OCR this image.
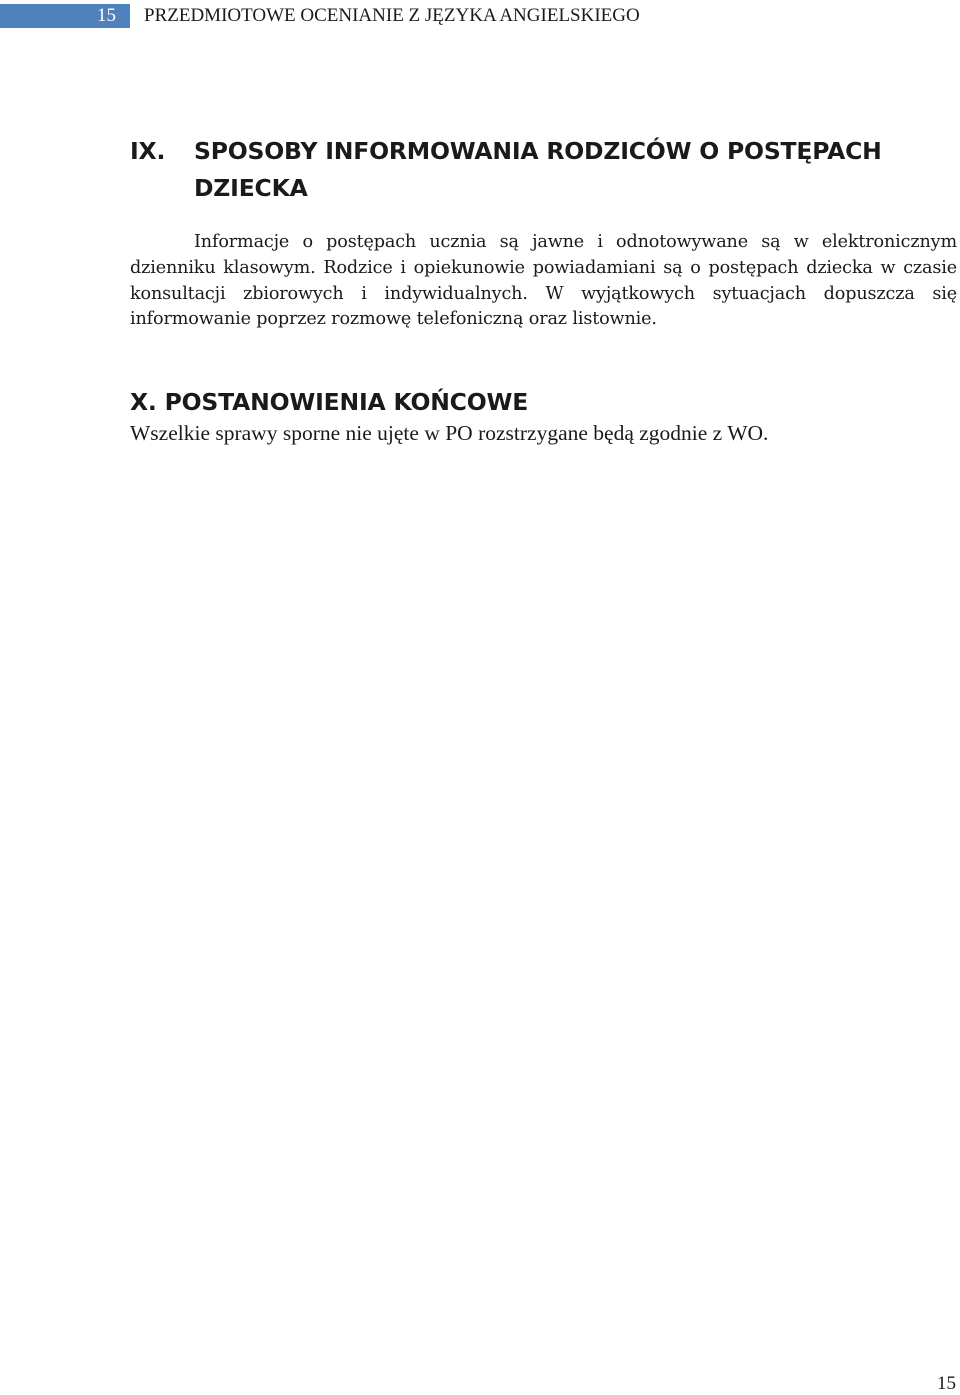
15	PRZEDMIOTOWE OCENIANIE Z JĘZYKA ANGIELSKIEGO
IX. SPOSOBY INFORMOWANIA RODZICÓW O POSTĘPACH DZIECKA

Informacje o postępach ucznia są jawne i odnotowywane są w elektronicznym dzienniku klasowym. Rodzice i opiekunowie powiadamiani są o postępach dziecka w czasie konsultacji zbiorowych i indywidualnych. W wyjątkowych sytuacjach dopuszcza się informowanie poprzez rozmowę telefoniczną oraz listownie.

X. POSTANOWIENIA KOŃCOWE
Wszelkie sprawy sporne nie ujęte w PO rozstrzygane będą zgodnie z WO.
15
